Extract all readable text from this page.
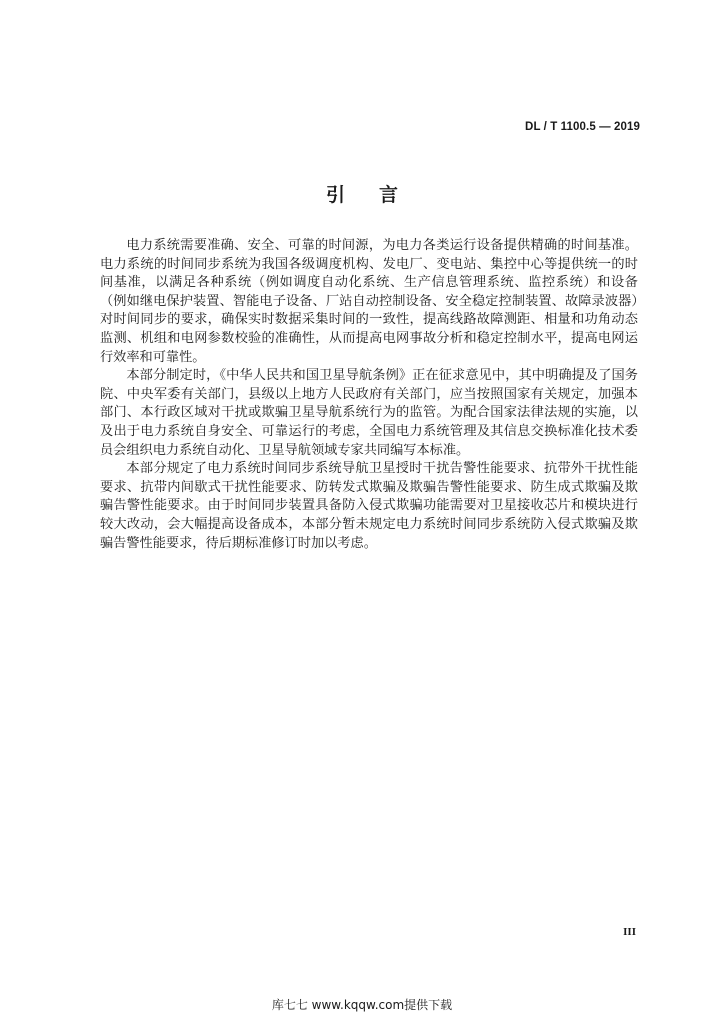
DL / T 1100.5 — 2019
引言

电力系统需要准确、安全、可靠的时间源，为电力各类运行设备提供精确的时间基准。电力系统的时间同步系统为我国各级调度机构、发电厂、变电站、集控中心等提供统一的时间基准，以满足各种系统（例如调度自动化系统、生产信息管理系统、监控系统）和设备（例如继电保护装置、智能电子设备、厂站自动控制设备、安全稳定控制装置、故障录波器）对时间同步的要求，确保实时数据采集时间的一致性，提高线路故障测距、相量和功角动态监测、机组和电网参数校验的准确性，从而提高电网事故分析和稳定控制水平，提高电网运行效率和可靠性。

本部分制定时，《中华人民共和国卫星导航条例》正在征求意见中，其中明确提及了国务院、中央军委有关部门，县级以上地方人民政府有关部门，应当按照国家有关规定，加强本部门、本行政区域对干扰或欺骗卫星导航系统行为的监管。为配合国家法律法规的实施，以及出于电力系统自身安全、可靠运行的考虑，全国电力系统管理及其信息交换标准化技术委员会组织电力系统自动化、卫星导航领域专家共同编写本标准。

本部分规定了电力系统时间同步系统导航卫星授时干扰告警性能要求、抗带外干扰性能要求、抗带内间歇式干扰性能要求、防转发式欺骗及欺骗告警性能要求、防生成式欺骗及欺骗告警性能要求。由于时间同步装置具备防入侵式欺骗功能需要对卫星接收芯片和模块进行较大改动，会大幅提高设备成本，本部分暂未规定电力系统时间同步系统防入侵式欺骗及欺骗告警性能要求，待后期标准修订时加以考虑。

III
库七七 www.kqqw.com提供下载
